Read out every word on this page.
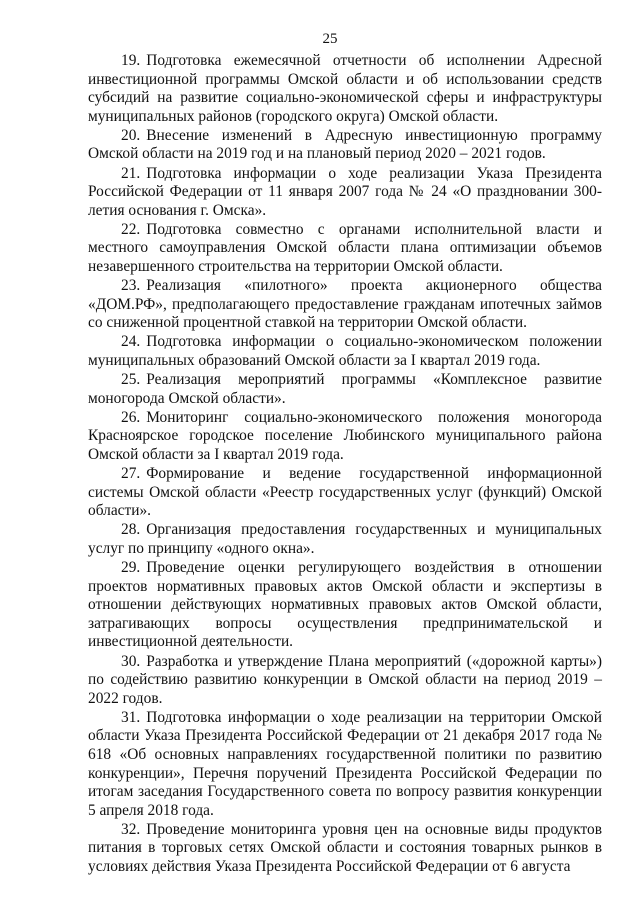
25

19. Подготовка ежемесячной отчетности об исполнении Адресной инвестиционной программы Омской области и об использовании средств субсидий на развитие социально-экономической сферы и инфраструктуры муниципальных районов (городского округа) Омской области.

20. Внесение изменений в Адресную инвестиционную программу Омской области на 2019 год и на плановый период 2020 – 2021 годов.

21. Подготовка информации о ходе реализации Указа Президента Российской Федерации от 11 января 2007 года № 24 «О праздновании 300-летия основания г. Омска».

22. Подготовка совместно с органами исполнительной власти и местного самоуправления Омской области плана оптимизации объемов незавершенного строительства на территории Омской области.

23. Реализация «пилотного» проекта акционерного общества «ДОМ.РФ», предполагающего предоставление гражданам ипотечных займов со сниженной процентной ставкой на территории Омской области.

24. Подготовка информации о социально-экономическом положении муниципальных образований Омской области за I квартал 2019 года.

25. Реализация мероприятий программы «Комплексное развитие моногорода Омской области».

26. Мониторинг социально-экономического положения моногорода Красноярское городское поселение Любинского муниципального района Омской области за I квартал 2019 года.

27. Формирование и ведение государственной информационной системы Омской области «Реестр государственных услуг (функций) Омской области».

28. Организация предоставления государственных и муниципальных услуг по принципу «одного окна».

29. Проведение оценки регулирующего воздействия в отношении проектов нормативных правовых актов Омской области и экспертизы в отношении действующих нормативных правовых актов Омской области, затрагивающих вопросы осуществления предпринимательской и инвестиционной деятельности.

30. Разработка и утверждение Плана мероприятий («дорожной карты») по содействию развитию конкуренции в Омской области на период 2019 – 2022 годов.

31. Подготовка информации о ходе реализации на территории Омской области Указа Президента Российской Федерации от 21 декабря 2017 года № 618 «Об основных направлениях государственной политики по развитию конкуренции», Перечня поручений Президента Российской Федерации по итогам заседания Государственного совета по вопросу развития конкуренции 5 апреля 2018 года.

32. Проведение мониторинга уровня цен на основные виды продуктов питания в торговых сетях Омской области и состояния товарных рынков в условиях действия Указа Президента Российской Федерации от 6 августа
